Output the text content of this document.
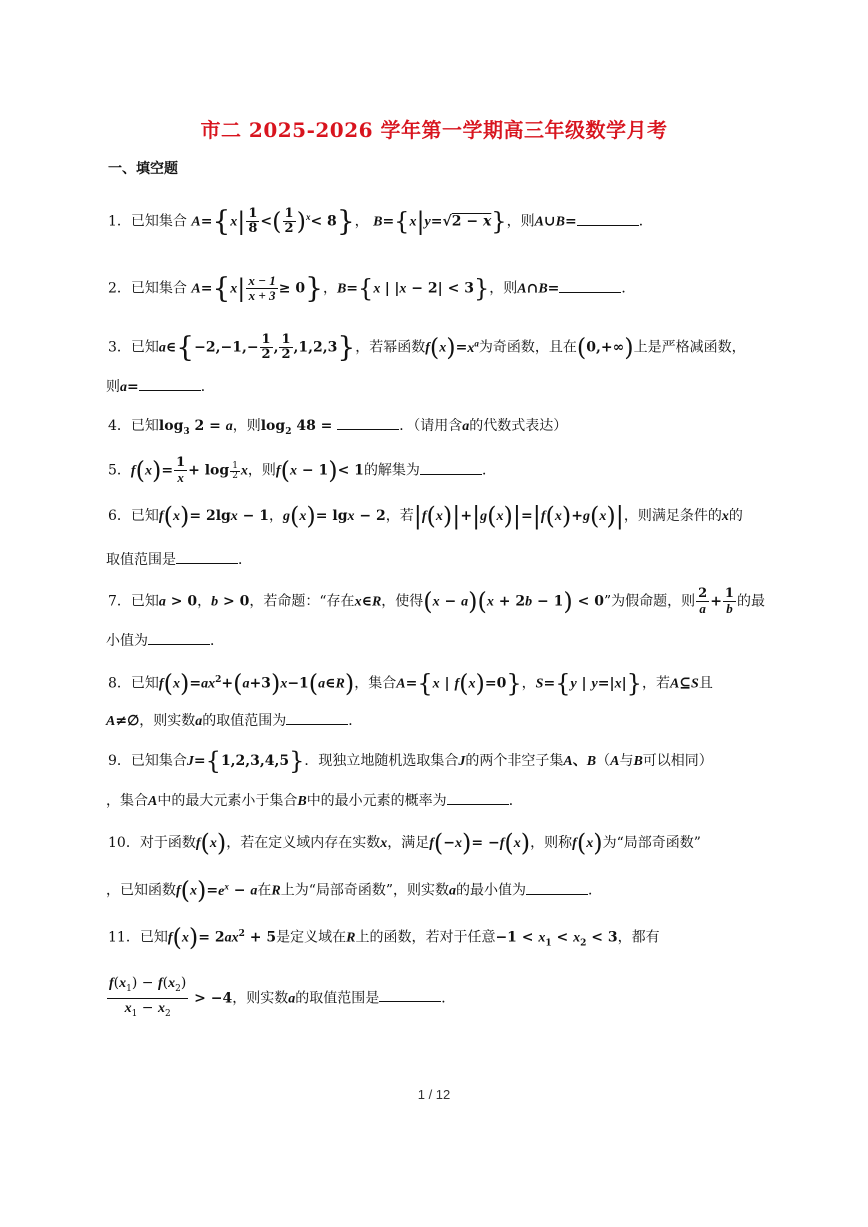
市二 2025-2026 学年第一学期高三年级数学月考
一、填空题
1．已知集合 $A=\{x| \frac{1}{8}$ <( $\frac{1}{2} )^x< 8$}， B={x|y=√2 − x}，则A∪B=	．
2．已知集合 $A=\{x| \frac{x - 1}{x + 3} \ge 0\}$，B={x | |x − 2| < 3}，则A∩B=	．
3．已知a∈{−2,−1,− $\frac{1}{2}$ , $\frac{1}{2} ,1,2,3$}，若幂函数$f(x)=x^a$为奇函数，且在(0,+∞)上是严格减函数，
则a=	．
4．已知$\log_3 2 = a$，则$\log_2 48$ =	．（请用含a的代数式表达）
5．$f(x)= \frac{1}{x} + \log \frac{1}{2}$ x，则f(x − 1)< 1的解集为	．
6．已知f(x)= 2lgx − 1，g(x)= lgx − 2，若|f(x)|+|g(x)|=|f(x)+g(x)|，则满足条件的x的
取值范围是	．
7．已知a > 0，b > 0，若命题：“存在x∈R，使得(x − a)(x + 2b − 1) < 0”为假命题，则 $\frac{2}{a} + \frac{1}{b}$ 的最
小值为	．
8．已知$f(x)=ax^2+(a+3)x-1(a\in R)$，集合A={x | f(x)=0}，S={y | y=|x|}，若A⊆S且
A≠∅，则实数a的取值范围为	．
9．已知集合J={1,2,3,4,5}．现独立地随机选取集合J的两个非空子集A、B（A与B可以相同）
，集合A中的最大元素小于集合B中的最小元素的概率为	．
10．对于函数f(x)，若在定义域内存在实数x，满足f(−x)= −f(x)，则称f(x)为“局部奇函数”
，已知函数$f(x)=e^x - a$在R上为“局部奇函数”，则实数a的最小值为	．
11．已知$f(x)= 2ax^2 + 5$是定义域在R上的函数，若对于任意$-1 < x_1 < x_2 < 3$，都有
$\frac{f(x_1) - f(x_2)}{x_1 - x_2} > -4$，则实数a的取值范围是	．
1 / 12
